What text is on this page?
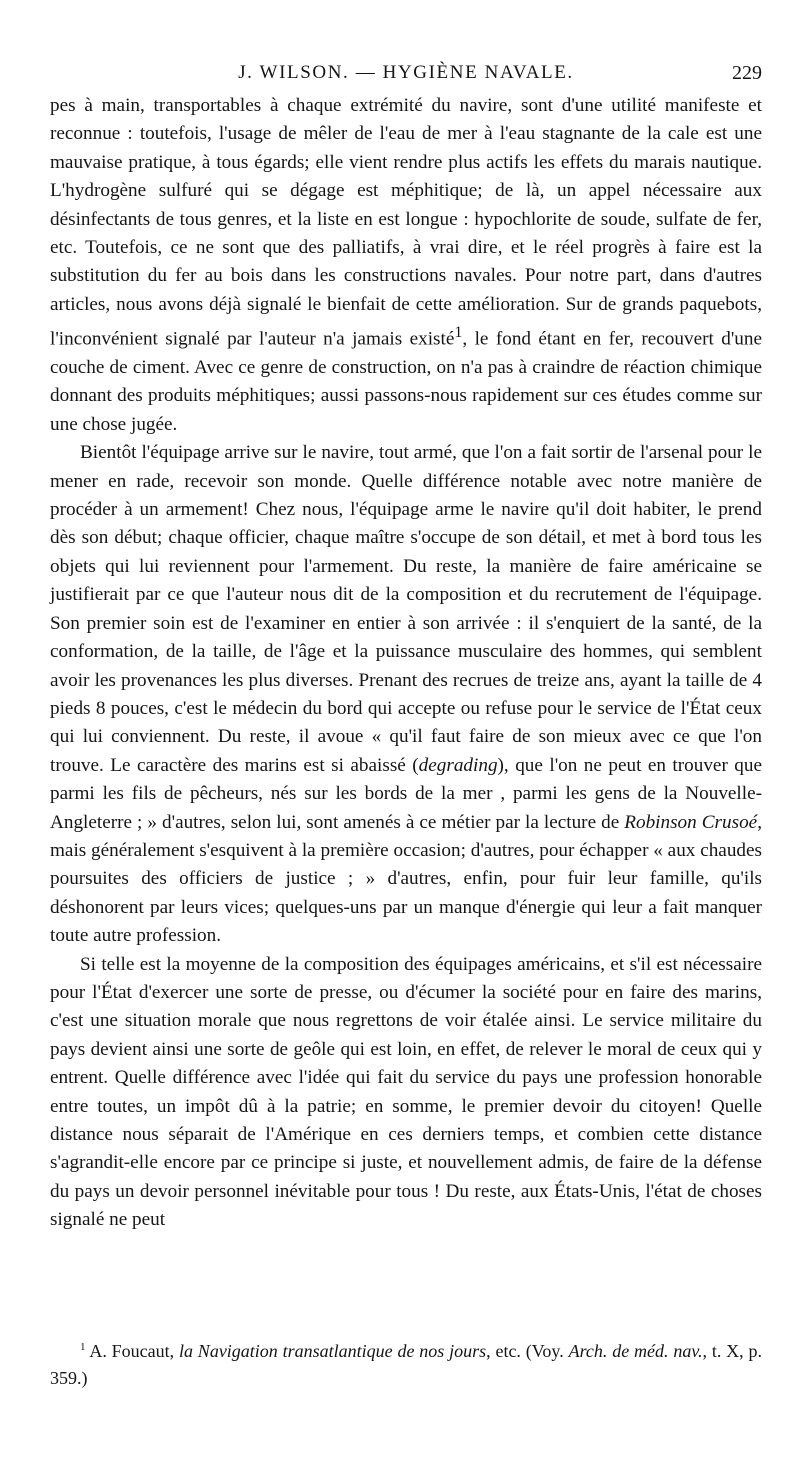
J. WILSON. — HYGIÈNE NAVALE.	229

pes à main, transportables à chaque extrémité du navire, sont d'une utilité manifeste et reconnue : toutefois, l'usage de mêler de l'eau de mer à l'eau stagnante de la cale est une mauvaise pratique, à tous égards; elle vient rendre plus actifs les effets du marais nautique. L'hydrogène sulfuré qui se dégage est méphitique; de là, un appel nécessaire aux désinfectants de tous genres, et la liste en est longue : hypochlorite de soude, sulfate de fer, etc. Toutefois, ce ne sont que des palliatifs, à vrai dire, et le réel progrès à faire est la substitution du fer au bois dans les constructions navales. Pour notre part, dans d'autres articles, nous avons déjà signalé le bienfait de cette amélioration. Sur de grands paquebots, l'inconvénient signalé par l'auteur n'a jamais existé$^1$, le fond étant en fer, recouvert d'une couche de ciment. Avec ce genre de construction, on n'a pas à craindre de réaction chimique donnant des produits méphitiques; aussi passons-nous rapidement sur ces études comme sur une chose jugée.

Bientôt l'équipage arrive sur le navire, tout armé, que l'on a fait sortir de l'arsenal pour le mener en rade, recevoir son monde. Quelle différence notable avec notre manière de procéder à un armement! Chez nous, l'équipage arme le navire qu'il doit habiter, le prend dès son début; chaque officier, chaque maître s'occupe de son détail, et met à bord tous les objets qui lui reviennent pour l'armement. Du reste, la manière de faire américaine se justifierait par ce que l'auteur nous dit de la composition et du recrutement de l'équipage. Son premier soin est de l'examiner en entier à son arrivée : il s'enquiert de la santé, de la conformation, de la taille, de l'âge et la puissance musculaire des hommes, qui semblent avoir les provenances les plus diverses. Prenant des recrues de treize ans, ayant la taille de 4 pieds 8 pouces, c'est le médecin du bord qui accepte ou refuse pour le service de l'État ceux qui lui conviennent. Du reste, il avoue « qu'il faut faire de son mieux avec ce que l'on trouve. Le caractère des marins est si abaissé (degrading), que l'on ne peut en trouver que parmi les fils de pêcheurs, nés sur les bords de la mer , parmi les gens de la Nouvelle-Angleterre ; » d'autres, selon lui, sont amenés à ce métier par la lecture de Robinson Crusoé, mais généralement s'esquivent à la première occasion; d'autres, pour échapper « aux chaudes poursuites des officiers de justice ; » d'autres, enfin, pour fuir leur famille, qu'ils déshonorent par leurs vices; quelques-uns par un manque d'énergie qui leur a fait manquer toute autre profession.

Si telle est la moyenne de la composition des équipages américains, et s'il est nécessaire pour l'État d'exercer une sorte de presse, ou d'écumer la société pour en faire des marins, c'est une situation morale que nous regrettons de voir étalée ainsi. Le service militaire du pays devient ainsi une sorte de geôle qui est loin, en effet, de relever le moral de ceux qui y entrent. Quelle différence avec l'idée qui fait du service du pays une profession honorable entre toutes, un impôt dû à la patrie; en somme, le premier devoir du citoyen! Quelle distance nous séparait de l'Amérique en ces derniers temps, et combien cette distance s'agrandit-elle encore par ce principe si juste, et nouvellement admis, de faire de la défense du pays un devoir personnel inévitable pour tous ! Du reste, aux États-Unis, l'état de choses signalé ne peut

$^1$ A. Foucaut, la Navigation transatlantique de nos jours, etc. (Voy. Arch. de méd. nav., t. X, p. 359.)
